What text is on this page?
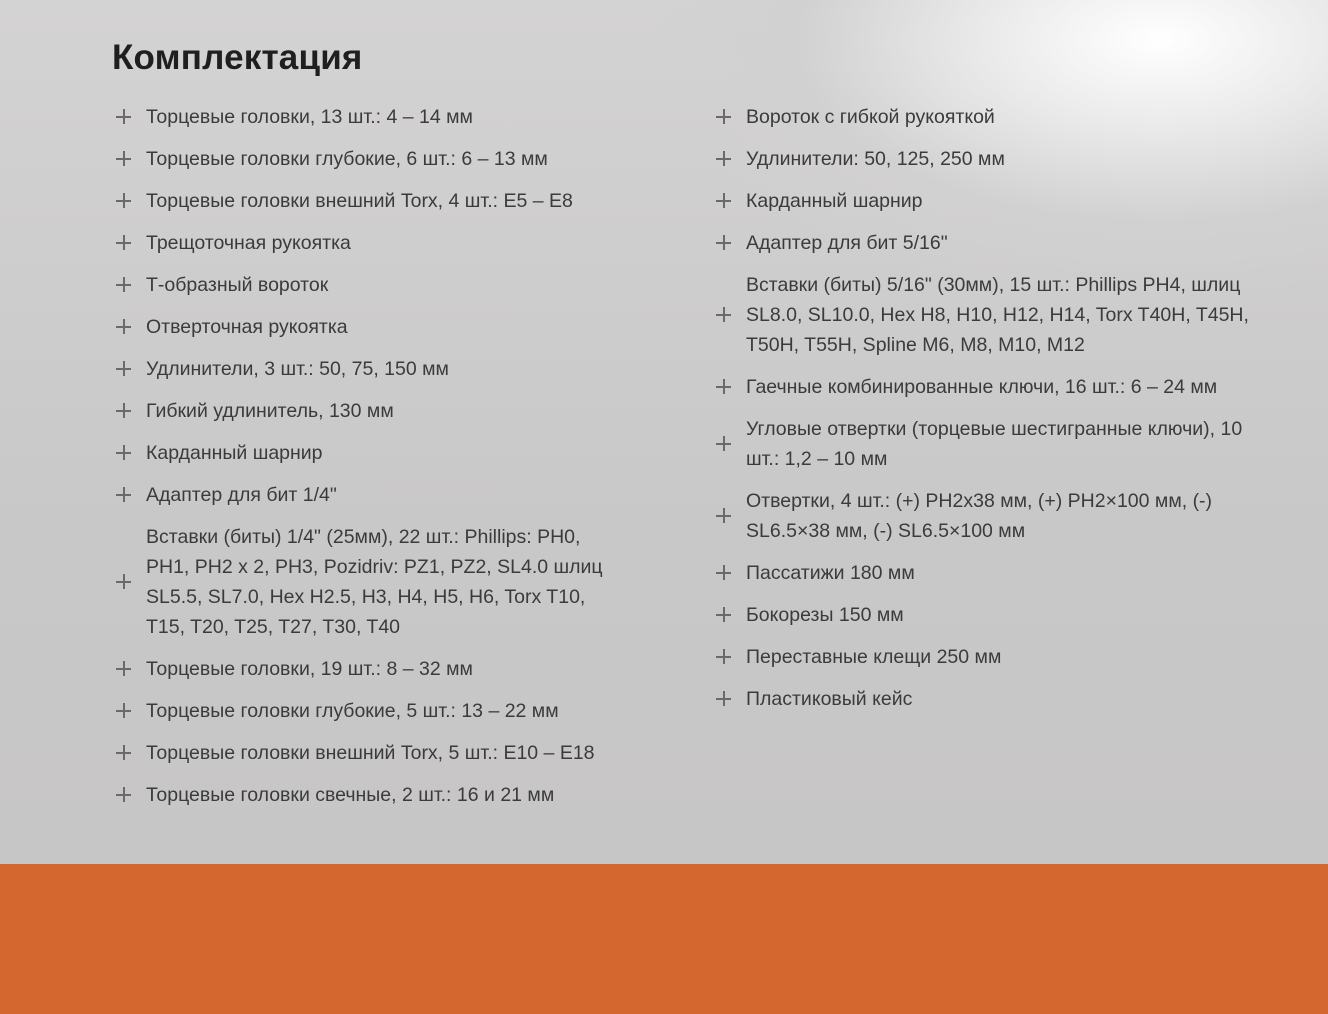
Комплектация
Торцевые головки, 13 шт.: 4 – 14 мм
Торцевые головки глубокие, 6 шт.: 6 – 13 мм
Торцевые головки внешний Torx, 4 шт.: E5 – E8
Трещоточная рукоятка
Т-образный вороток
Отверточная рукоятка
Удлинители, 3 шт.: 50, 75, 150 мм
Гибкий удлинитель, 130 мм
Карданный шарнир
Адаптер для бит 1/4"
Вставки (биты) 1/4" (25мм), 22 шт.: Phillips: PH0, PH1, PH2 x 2, PH3, Pozidriv: PZ1, PZ2, SL4.0 шлиц SL5.5, SL7.0, Hex H2.5, H3, H4, H5, H6, Torx T10, T15, T20, T25, T27, T30, T40
Торцевые головки, 19 шт.: 8 – 32 мм
Торцевые головки глубокие, 5 шт.: 13 – 22 мм
Торцевые головки внешний Torx, 5 шт.: E10 – E18
Торцевые головки свечные, 2 шт.: 16 и 21 мм
Вороток с гибкой рукояткой
Удлинители: 50, 125, 250 мм
Карданный шарнир
Адаптер для бит 5/16"
Вставки (биты) 5/16" (30мм), 15 шт.: Phillips PH4, шлиц SL8.0, SL10.0, Hex H8, H10, H12, H14, Torx T40H, T45H, T50H, T55H, Spline M6, M8, M10, M12
Гаечные комбинированные ключи, 16 шт.: 6 – 24 мм
Угловые отвертки (торцевые шестигранные ключи), 10 шт.: 1,2 – 10 мм
Отвертки, 4 шт.: (+) PH2x38 мм, (+) PH2×100 мм, (-) SL6.5×38 мм, (-) SL6.5×100 мм
Пассатижи 180 мм
Бокорезы 150 мм
Переставные клещи 250 мм
Пластиковый кейс
